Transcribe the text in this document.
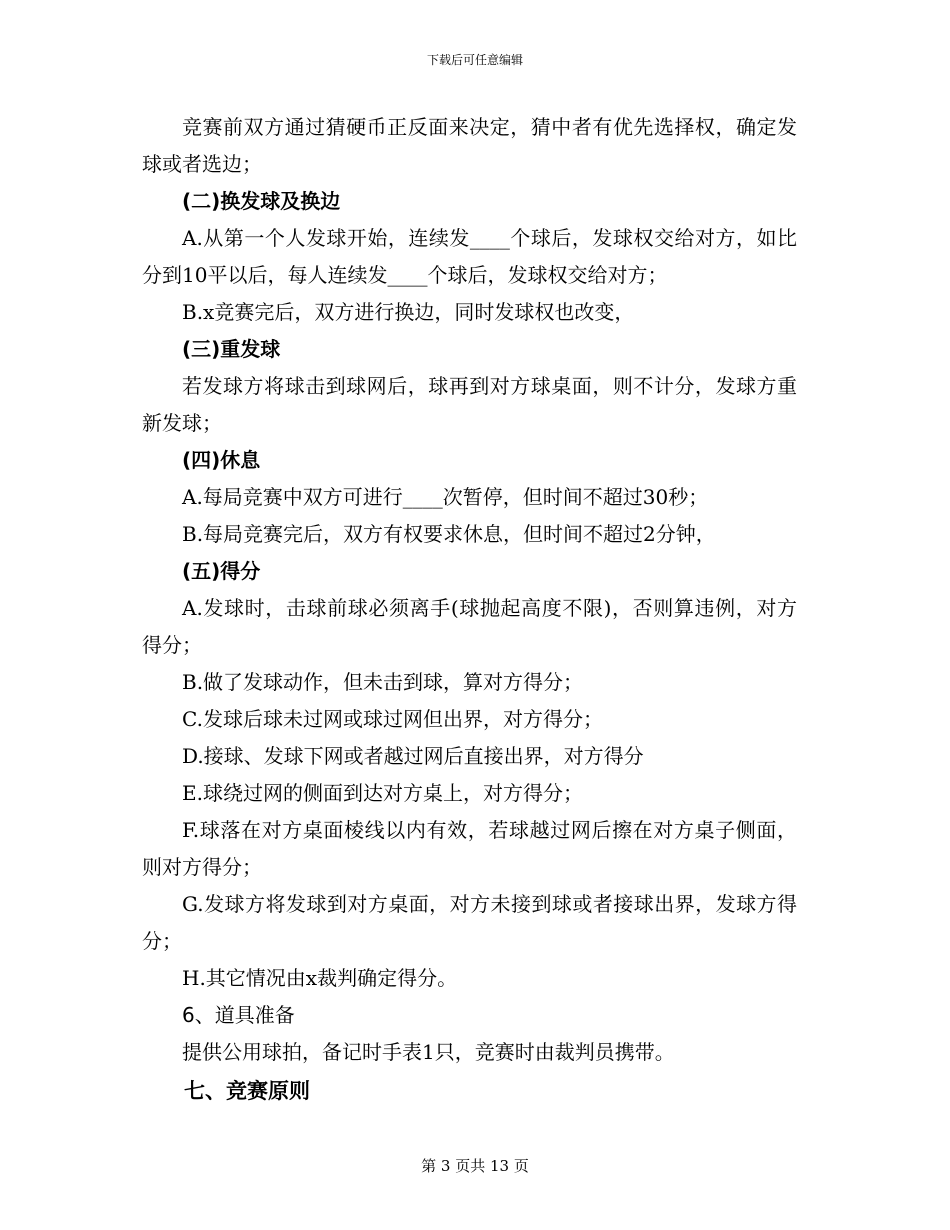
下载后可任意编辑

竞赛前双方通过猜硬币正反面来决定，猜中者有优先选择权，确定发球或者选边；

(二)换发球及换边

A.从第一个人发球开始，连续发____个球后，发球权交给对方，如比分到10平以后，每人连续发____个球后，发球权交给对方；

B.x竞赛完后，双方进行换边，同时发球权也改变，

(三)重发球

若发球方将球击到球网后，球再到对方球桌面，则不计分，发球方重新发球；

(四)休息

A.每局竞赛中双方可进行____次暂停，但时间不超过30秒；

B.每局竞赛完后，双方有权要求休息，但时间不超过2分钟，

(五)得分

A.发球时，击球前球必须离手(球抛起高度不限)，否则算违例，对方得分；

B.做了发球动作，但未击到球，算对方得分；

C.发球后球未过网或球过网但出界，对方得分；

D.接球、发球下网或者越过网后直接出界，对方得分

E.球绕过网的侧面到达对方桌上，对方得分；

F.球落在对方桌面棱线以内有效，若球越过网后擦在对方桌子侧面，则对方得分；

G.发球方将发球到对方桌面，对方未接到球或者接球出界，发球方得分；

H.其它情况由x裁判确定得分。

6、道具准备

提供公用球拍，备记时手表1只，竞赛时由裁判员携带。

七、竞赛原则

第 3 页共 13 页
